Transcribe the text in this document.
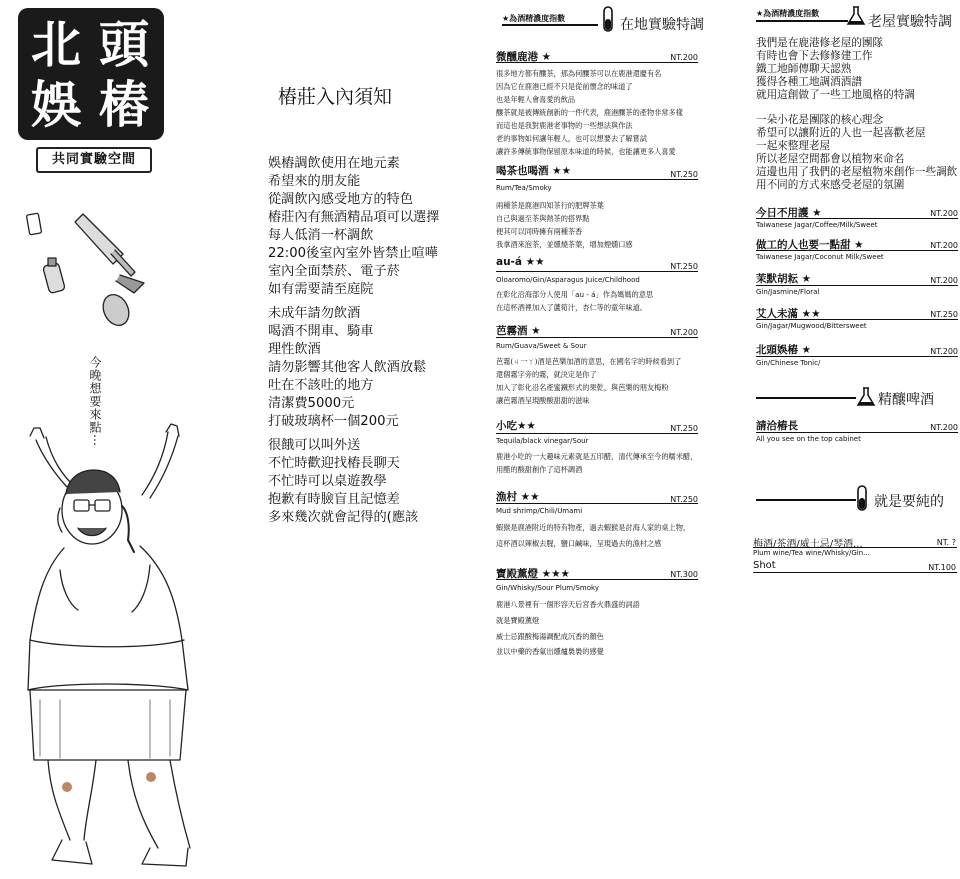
北 頭
娛 樁
共同實驗空間
今晚想要來點⋯
樁莊入內須知
娛樁調飲使用在地元素
希望來的朋友能
從調飲內感受地方的特色
樁莊內有無酒精品項可以選擇
每人低消一杯調飲
22:00後室內室外皆禁止喧嘩
室內全面禁菸、電子菸
如有需要請至庭院
未成年請勿飲酒
喝酒不開車、騎車
理性飲酒
請勿影響其他客人飲酒放鬆
吐在不該吐的地方
清潔費5000元
打破玻璃杯一個200元
很餓可以叫外送
不忙時歡迎找樁長聊天
不忙時可以桌遊教學
抱歉有時臉盲且記憶差
多來幾次就會記得的(應該
★為酒精濃度指數	在地實驗特調
微醺鹿港 ★	NT.200
很多地方都有釀茶，那為何釀茶可以在鹿港還慶有名
因為它在鹿港已經不只是從前懷念的味道了
也是年輕人會喜愛的飲品
釀茶就是被傳統創新的一件代表，鹿港釀茶的產物非常多樣
而這也是我對鹿港老事物的一些想法與作法
老的事物如何讓年輕人，也可以想要去了解嘗試
讓許多傳統事物保留原本味道的時候，也能讓更多人喜愛
喝茶也喝酒 ★★	NT.250
Rum/Tea/Smoky
兩種茶是鹿港四知茶行的肥牌茶葉
自己與過至茶與熱茶的搭界點
便其可以同時擁有兩種茶香
我拿酒來泡茶，並燻燒茶葉，增加煙燻口感
au-á ★★	NT.250
Oloaromo/Gin/Asparagus Juice/Childhood
在彰化沿海部分人使用「au - á」作為媽媽的意思
在這杯酒裡加入了蘆筍汁，杏仁等的童年味道。
芭霧酒 ★	NT.200
Rum/Guava/Sweet & Sour
芭霧(ㄐ一ㄚ)酒是芭樂加酒的意思，在國名字的時候看到了
還個霧字旁的霧，就決定是你了
加入了彰化沿名產蜜鐵形式的果乾，與芭樂的朋友梅粉
讓芭霧酒呈現酸酸甜甜的滋味
小吃★★	NT.250
Tequila/black vinegar/Sour
鹿港小吃的一大趣味元素就是五印醋，清代傳承至今的糯米醋，
用醋的酸甜創作了這杯調酒
漁村 ★★	NT.250
Mud shrimp/Chili/Umami
蝦猴是鹿港附近的特有物產，過去蝦猴是討海人家的桌上物，
這杯酒以辣椒去腥，鹽口鹹味，呈現過去的漁村之感
寶殿薰燈 ★★★	NT.300
Gin/Whisky/Sour Plum/Smoky
鹿港八景裡有一個形容天后宮香火鼎盛的詞語
就是寶殿薰燈
威士忌跟酸梅湯調配成沉香的顏色
並以中藥的香氣出燻爐裊裊的感覺
★為酒精濃度指數
老屋實驗特調
我們是在鹿港修老屋的團隊
有時也會下去修修建工作
鐵工地師傳聊天認熟
獲得各種工地調酒酒譜
就用這創做了一些工地風格的特調
一朵小花是團隊的核心理念
希望可以讓附近的人也一起喜歡老屋
一起來整理老屋
所以老屋空間都會以植物來命名
這邊也用了我們的老屋植物來創作一些調飲
用不同的方式來感受老屋的氛圍
今日不用護 ★	NT.200
Taiwanese Jagar/Coffee/Milk/Sweet
做工的人也要一點甜 ★	NT.200
Taiwanese Jagar/Coconut Milk/Sweet
茉默胡耘 ★	NT.200
Gin/Jasmine/Floral
艾人未滿 ★★	NT.250
Gin/Jagar/Mugwood/Bittersweet
北頭娛樁 ★	NT.200
Gin/Chinese Tonic/
精釀啤酒
請洽樁長	NT.200
All you see on the top cabinet
就是要純的
梅酒/茶酒/威士忌/琴酒...	NT. ?
Plum wine/Tea wine/Whisky/Gin...
Shot	NT.100
